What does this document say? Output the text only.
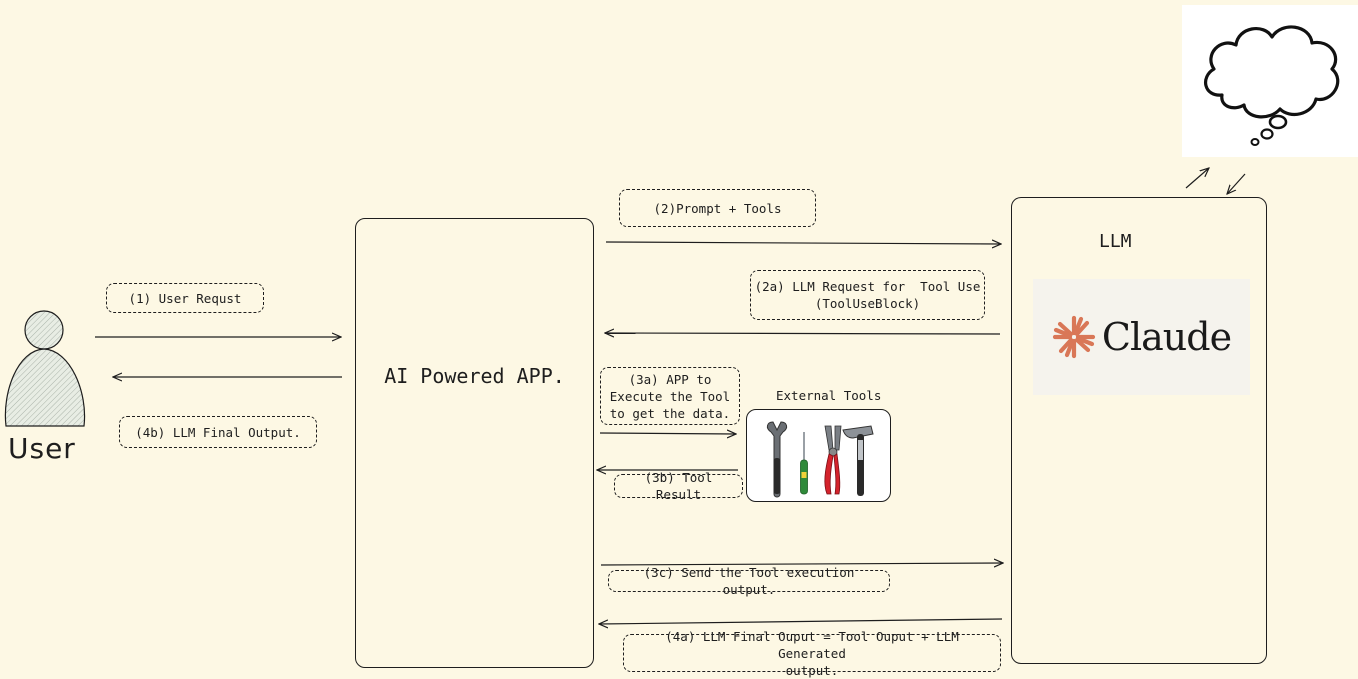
User
AI Powered APP.
LLM
Claude
External Tools
(1) User Requst
(2)Prompt + Tools
(2a) LLM Request for  Tool Use
(ToolUseBlock)
(3a) APP to
Execute the Tool
to get the data.
(3b) Tool Result
(3c) Send the Tool execution output.
(4a) LLM Final Ouput = Tool Ouput + LLM Generated
output.
(4b) LLM Final Output.
